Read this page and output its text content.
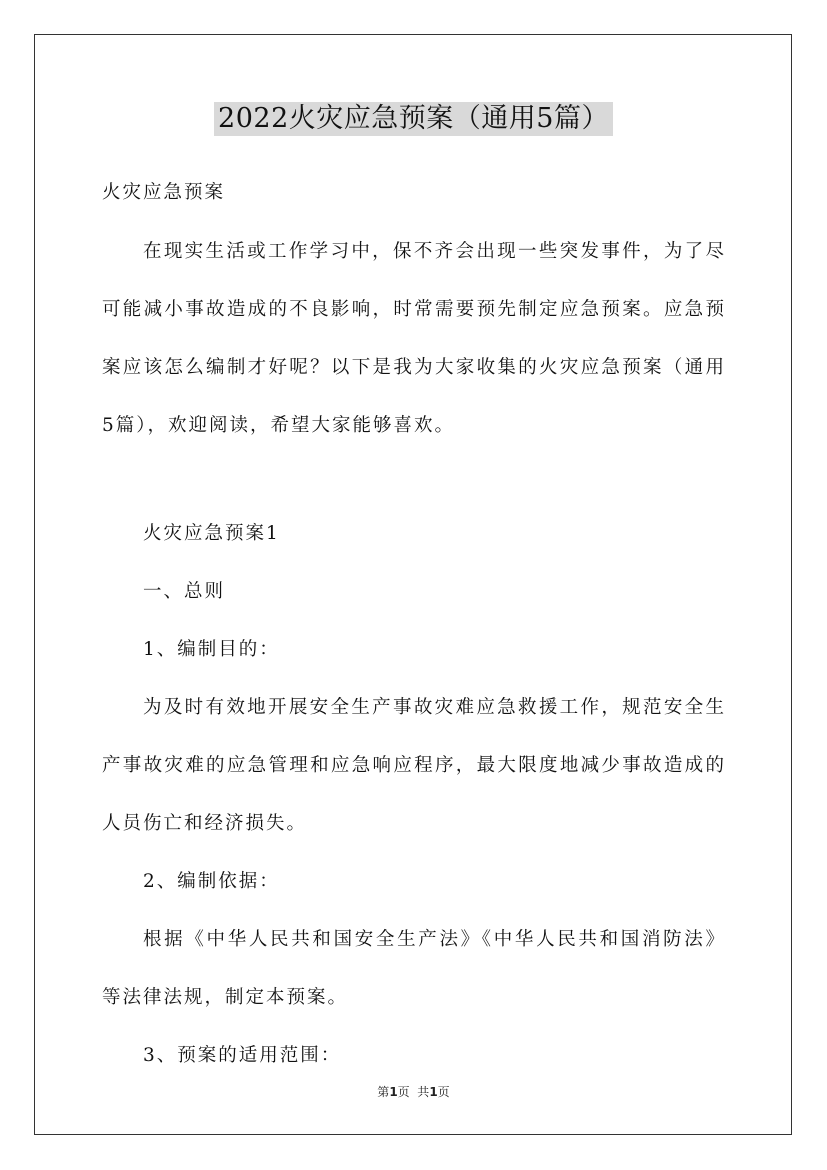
2022火灾应急预案（通用5篇）
火灾应急预案

在现实生活或工作学习中，保不齐会出现一些突发事件，为了尽可能减小事故造成的不良影响，时常需要预先制定应急预案。应急预案应该怎么编制才好呢？以下是我为大家收集的火灾应急预案（通用5篇），欢迎阅读，希望大家能够喜欢。

火灾应急预案1

一、总则

1、编制目的：

为及时有效地开展安全生产事故灾难应急救援工作，规范安全生产事故灾难的应急管理和应急响应程序，最大限度地减少事故造成的人员伤亡和经济损失。

2、编制依据：

根据《中华人民共和国安全生产法》《中华人民共和国消防法》等法律法规，制定本预案。

3、预案的适用范围：

第1页  共1页
